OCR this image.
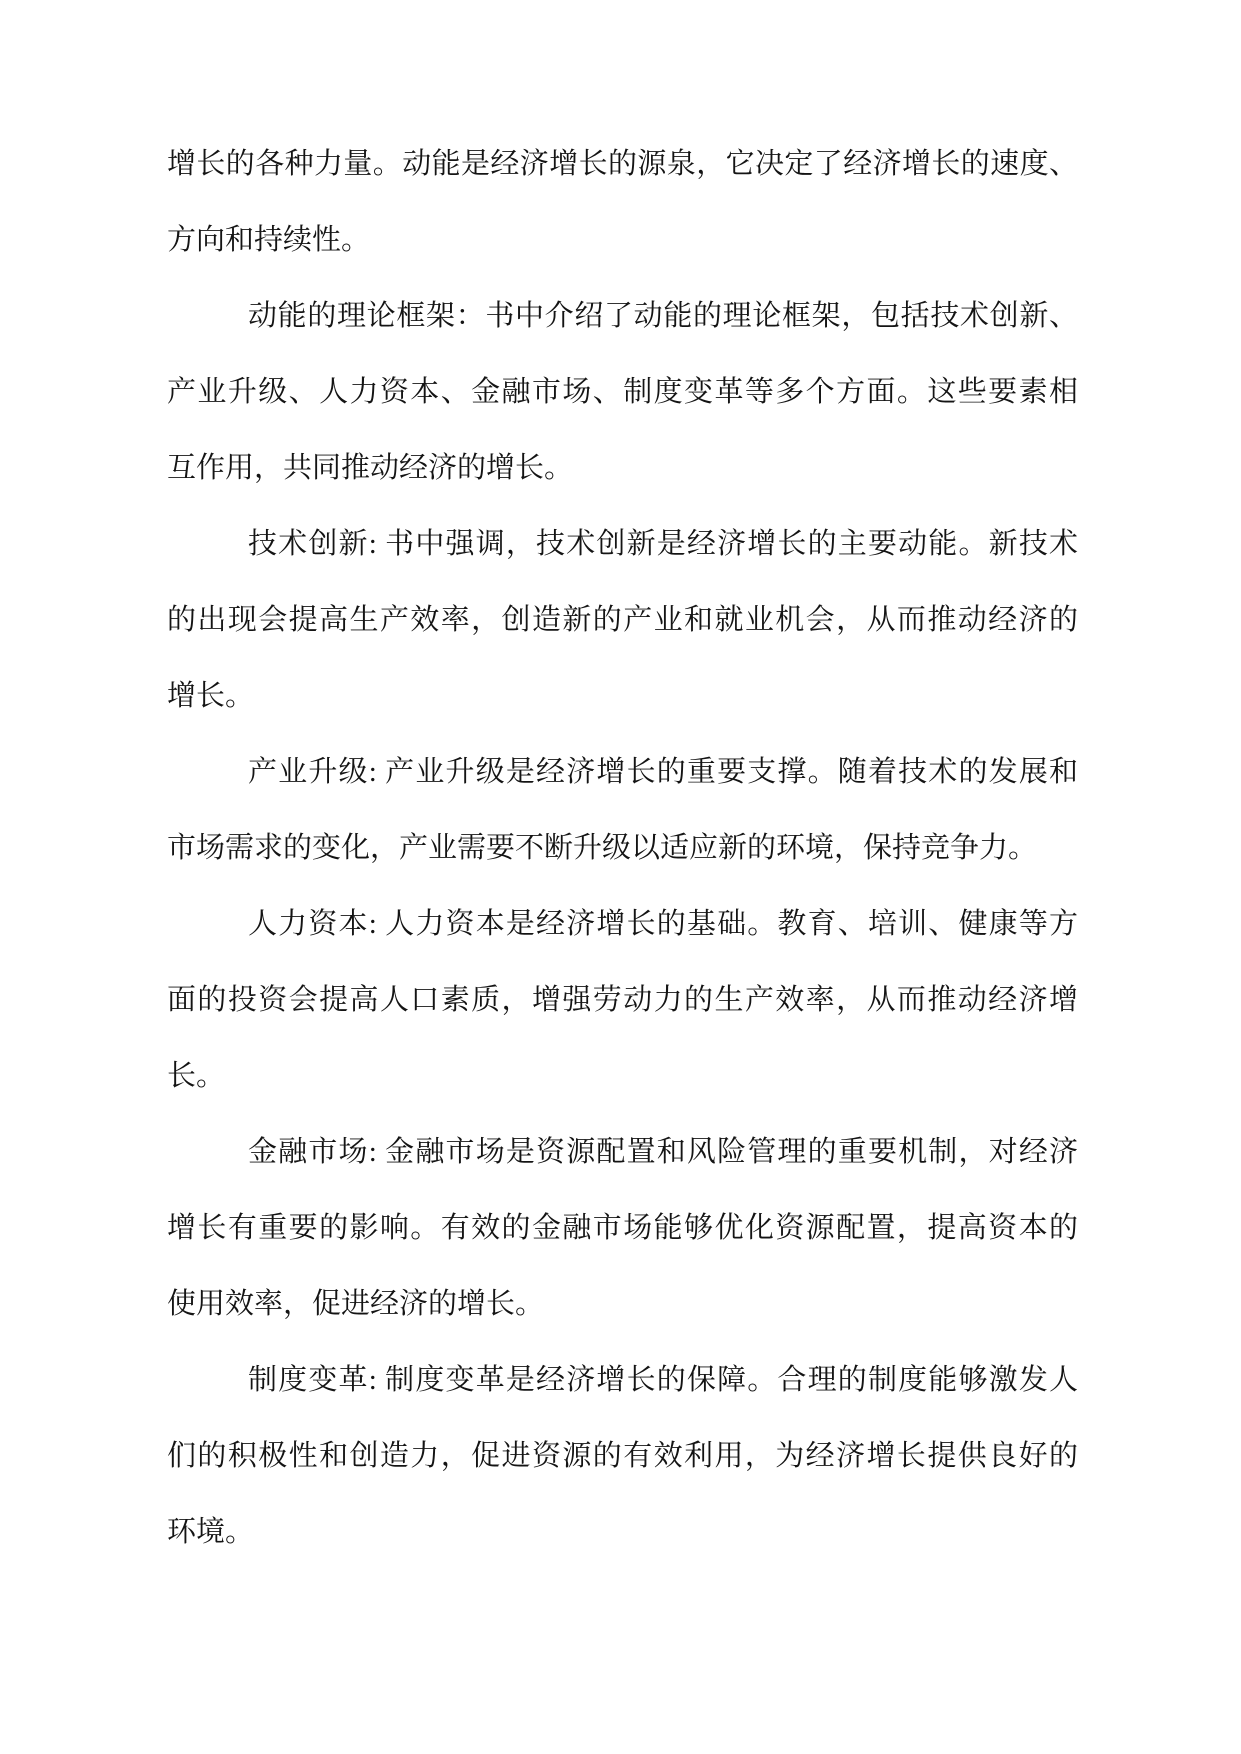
增长的各种力量。动能是经济增长的源泉，它决定了经济增长的速度、
方向和持续性。
动能的理论框架：书中介绍了动能的理论框架，包括技术创新、
产业升级、人力资本、金融市场、制度变革等多个方面。这些要素相
互作用，共同推动经济的增长。
技术创新: 书中强调，技术创新是经济增长的主要动能。新技术
的出现会提高生产效率，创造新的产业和就业机会，从而推动经济的
增长。
产业升级: 产业升级是经济增长的重要支撑。随着技术的发展和
市场需求的变化，产业需要不断升级以适应新的环境，保持竞争力。
人力资本: 人力资本是经济增长的基础。教育、培训、健康等方
面的投资会提高人口素质，增强劳动力的生产效率，从而推动经济增
长。
金融市场: 金融市场是资源配置和风险管理的重要机制，对经济
增长有重要的影响。有效的金融市场能够优化资源配置，提高资本的
使用效率，促进经济的增长。
制度变革: 制度变革是经济增长的保障。合理的制度能够激发人
们的积极性和创造力，促进资源的有效利用，为经济增长提供良好的
环境。
